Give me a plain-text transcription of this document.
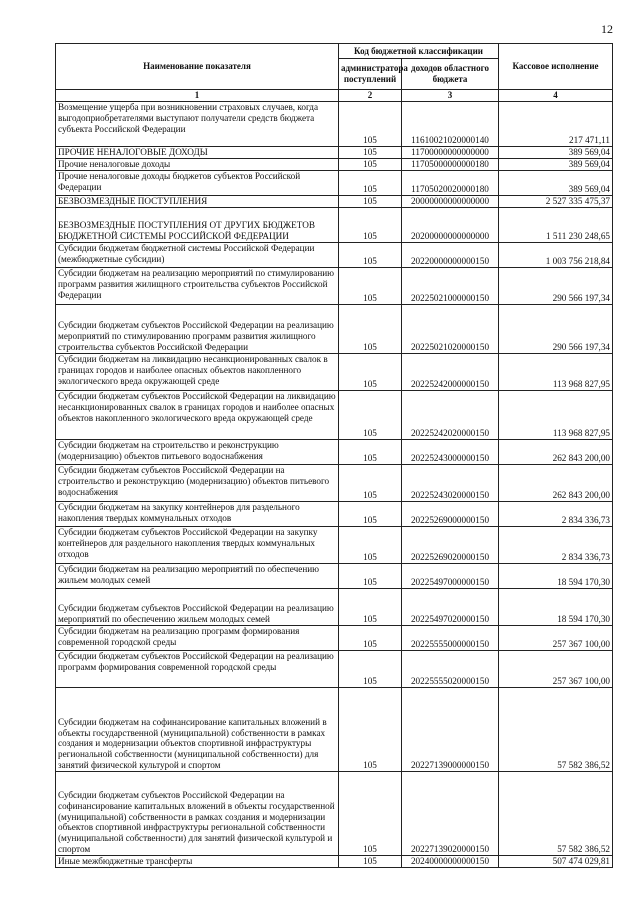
12
Наименование показателя	Код бюджетной классификации		Кассовое исполнение
	администратора поступлений	доходов областного бюджета	
1	2	3	4
Возмещение ущерба при возникновении страховых случаев, когда выгодоприобретателями выступают получатели средств бюджета субъекта Российской Федерации	105	11610021020000140	217 471,11
ПРОЧИЕ НЕНАЛОГОВЫЕ ДОХОДЫ	105	11700000000000000	389 569,04
Прочие неналоговые доходы	105	11705000000000180	389 569,04
Прочие неналоговые доходы бюджетов субъектов Российской Федерации	105	11705020020000180	389 569,04
БЕЗВОЗМЕЗДНЫЕ ПОСТУПЛЕНИЯ	105	20000000000000000	2 527 335 475,37
БЕЗВОЗМЕЗДНЫЕ ПОСТУПЛЕНИЯ ОТ ДРУГИХ БЮДЖЕТОВ БЮДЖЕТНОЙ СИСТЕМЫ РОССИЙСКОЙ ФЕДЕРАЦИИ	105	20200000000000000	1 511 230 248,65
Субсидии бюджетам бюджетной системы Российской Федерации (межбюджетные субсидии)	105	20220000000000150	1 003 756 218,84
Субсидии бюджетам на реализацию мероприятий по стимулированию программ развития жилищного строительства субъектов Российской Федерации	105	20225021000000150	290 566 197,34
Субсидии бюджетам субъектов Российской Федерации на реализацию мероприятий по стимулированию программ развития жилищного строительства субъектов Российской Федерации	105	20225021020000150	290 566 197,34
Субсидии бюджетам на ликвидацию несанкционированных свалок в границах городов и наиболее опасных объектов накопленного экологического вреда окружающей среде	105	20225242000000150	113 968 827,95
Субсидии бюджетам субъектов Российской Федерации на ликвидацию несанкционированных свалок в границах городов и наиболее опасных объектов накопленного экологического вреда окружающей среде	105	20225242020000150	113 968 827,95
Субсидии бюджетам на строительство и реконструкцию (модернизацию) объектов питьевого водоснабжения	105	20225243000000150	262 843 200,00
Субсидии бюджетам субъектов Российской Федерации на строительство и реконструкцию (модернизацию) объектов питьевого водоснабжения	105	20225243020000150	262 843 200,00
Субсидии бюджетам на закупку контейнеров для раздельного накопления твердых коммунальных отходов	105	20225269000000150	2 834 336,73
Субсидии бюджетам субъектов Российской Федерации на закупку контейнеров для раздельного накопления твердых коммунальных отходов	105	20225269020000150	2 834 336,73
Субсидии бюджетам на реализацию мероприятий по обеспечению жильем молодых семей	105	20225497000000150	18 594 170,30
Субсидии бюджетам субъектов Российской Федерации на реализацию мероприятий по обеспечению жильем молодых семей	105	20225497020000150	18 594 170,30
Субсидии бюджетам на реализацию программ формирования современной городской среды	105	20225555000000150	257 367 100,00
Субсидии бюджетам субъектов Российской Федерации на реализацию программ формирования современной городской среды	105	20225555020000150	257 367 100,00
Субсидии бюджетам на софинансирование капитальных вложений в объекты государственной (муниципальной) собственности в рамках создания и модернизации объектов спортивной инфраструктуры региональной собственности (муниципальной собственности) для занятий физической культурой и спортом	105	20227139000000150	57 582 386,52
Субсидии бюджетам субъектов Российской Федерации на софинансирование капитальных вложений в объекты государственной (муниципальной) собственности в рамках создания и модернизации объектов спортивной инфраструктуры региональной собственности (муниципальной собственности) для занятий физической культурой и спортом	105	20227139020000150	57 582 386,52
Иные межбюджетные трансферты	105	20240000000000150	507 474 029,81
